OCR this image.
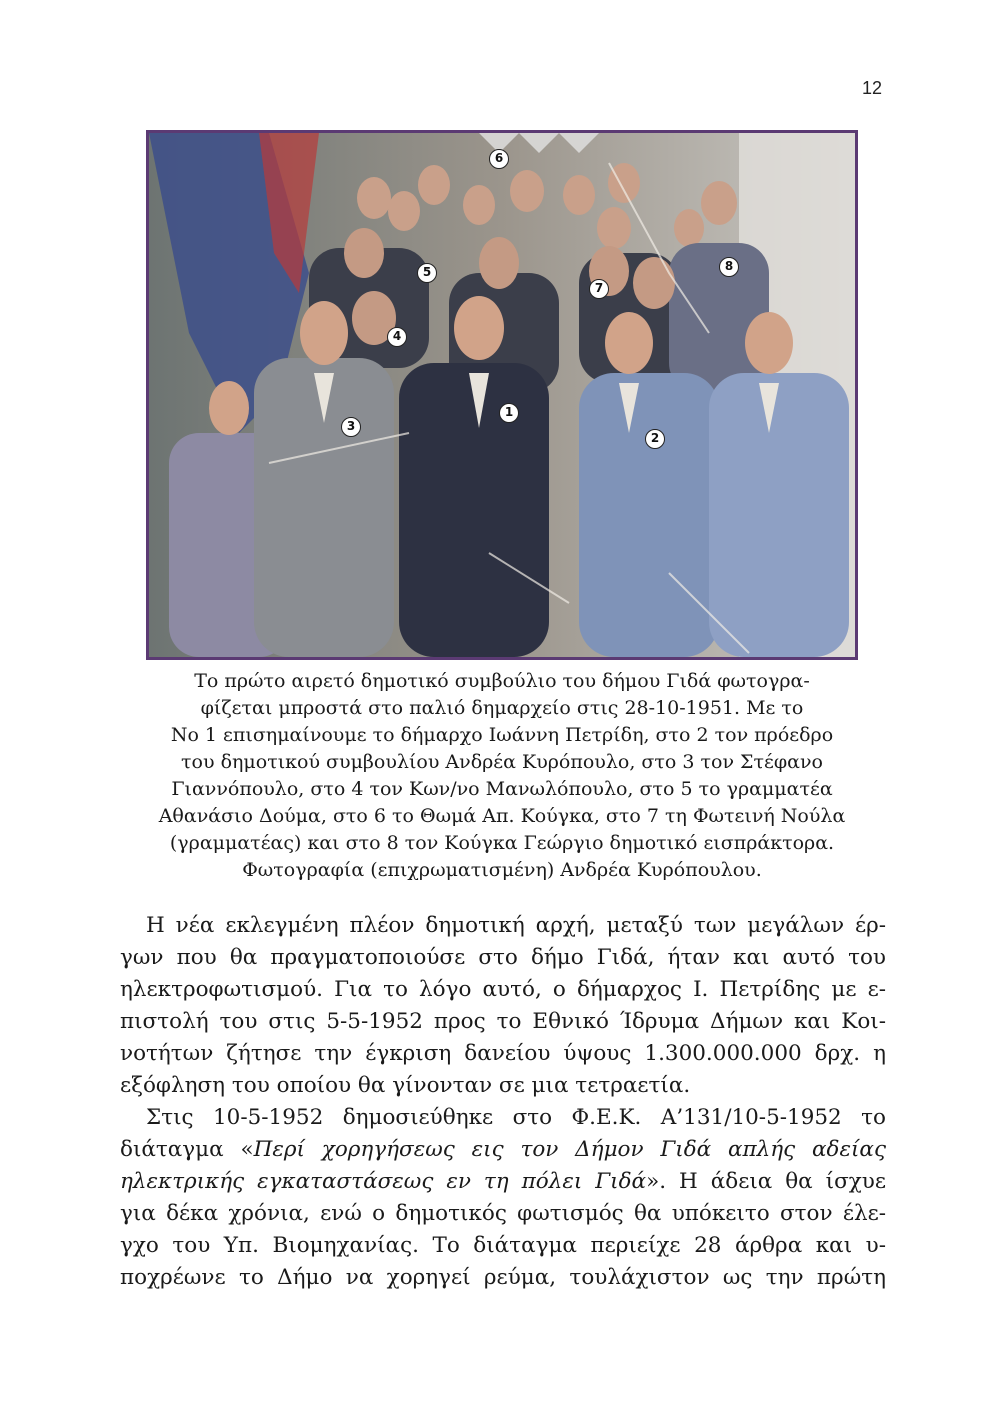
12
6
5
7
8
4
1
3
2
Το πρώτο αιρετό δημοτικό συμβούλιο του δήμου Γιδά φωτογρα-
φίζεται μπροστά στο παλιό δημαρχείο στις 28-10-1951. Με το
Νο 1 επισημαίνουμε το δήμαρχο Ιωάννη Πετρίδη, στο 2 τον πρόεδρο
του δημοτικού συμβουλίου Ανδρέα Κυρόπουλο, στο 3 τον Στέφανο
Γιαννόπουλο, στο 4 τον Κων/νο Μανωλόπουλο, στο 5 το γραμματέα
Αθανάσιο Δούμα, στο 6 το Θωμά Απ. Κούγκα, στο 7 τη Φωτεινή Νούλα
(γραμματέας) και στο 8 τον Κούγκα Γεώργιο δημοτικό εισπράκτορα.
Φωτογραφία (επιχρωματισμένη) Ανδρέα Κυρόπουλου.
Η νέα εκλεγμένη πλέον δημοτική αρχή, μεταξύ των μεγάλων έρ-
γων που θα πραγματοποιούσε στο δήμο Γιδά, ήταν και αυτό του
ηλεκτροφωτισμού. Για το λόγο αυτό, ο δήμαρχος Ι. Πετρίδης με ε-
πιστολή του στις 5-5-1952 προς το Εθνικό Ίδρυμα Δήμων και Κοι-
νοτήτων ζήτησε την έγκριση δανείου ύψους 1.300.000.000 δρχ. η
εξόφληση του οποίου θα γίνονταν σε μια τετραετία.
Στις 10-5-1952 δημοσιεύθηκε στο Φ.Ε.Κ. Α’131/10-5-1952 το
διάταγμα «Περί χορηγήσεως εις τον Δήμον Γιδά απλής αδείας
ηλεκτρικής εγκαταστάσεως εν τη πόλει Γιδά». Η άδεια θα ίσχυε
για δέκα χρόνια, ενώ ο δημοτικός φωτισμός θα υπόκειτο στον έλε-
γχο του Υπ. Βιομηχανίας. Το διάταγμα περιείχε 28 άρθρα και υ-
ποχρέωνε το Δήμο να χορηγεί ρεύμα, τουλάχιστον ως την πρώτη
